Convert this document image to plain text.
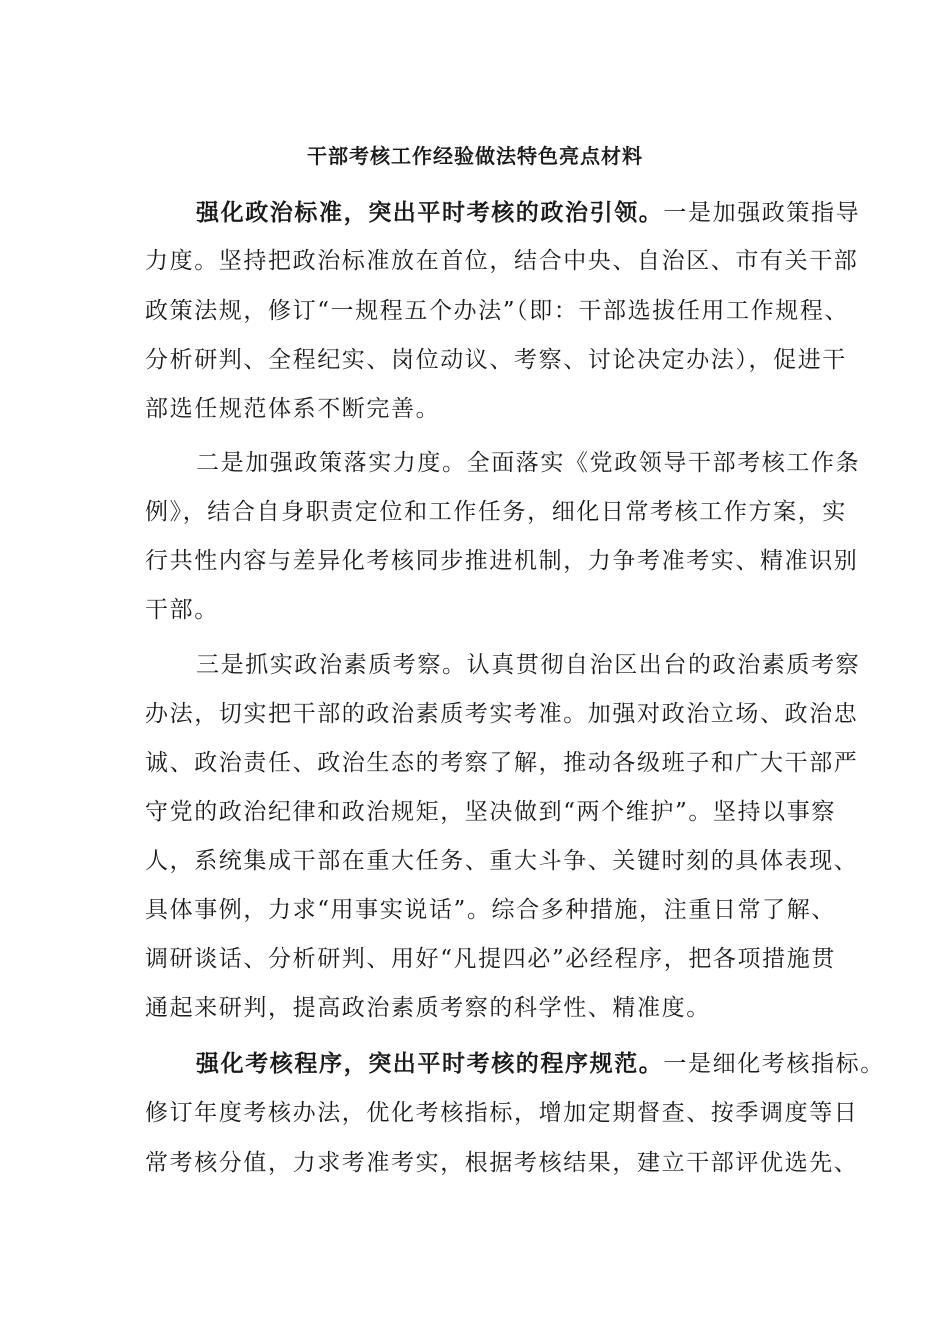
干部考核工作经验做法特色亮点材料
强化政治标准，突出平时考核的政治引领。一是加强政策指导
力度。坚持把政治标准放在首位，结合中央、自治区、市有关干部
政策法规，修订“一规程五个办法”（即：干部选拔任用工作规程、
分析研判、全程纪实、岗位动议、考察、讨论决定办法），促进干
部选任规范体系不断完善。
二是加强政策落实力度。全面落实《党政领导干部考核工作条
例》，结合自身职责定位和工作任务，细化日常考核工作方案，实
行共性内容与差异化考核同步推进机制，力争考准考实、精准识别
干部。
三是抓实政治素质考察。认真贯彻自治区出台的政治素质考察
办法，切实把干部的政治素质考实考准。加强对政治立场、政治忠
诚、政治责任、政治生态的考察了解，推动各级班子和广大干部严
守党的政治纪律和政治规矩，坚决做到“两个维护”。坚持以事察
人，系统集成干部在重大任务、重大斗争、关键时刻的具体表现、
具体事例，力求“用事实说话”。综合多种措施，注重日常了解、
调研谈话、分析研判、用好“凡提四必”必经程序，把各项措施贯
通起来研判，提高政治素质考察的科学性、精准度。
强化考核程序，突出平时考核的程序规范。一是细化考核指标。
修订年度考核办法，优化考核指标，增加定期督查、按季调度等日
常考核分值，力求考准考实，根据考核结果，建立干部评优选先、
